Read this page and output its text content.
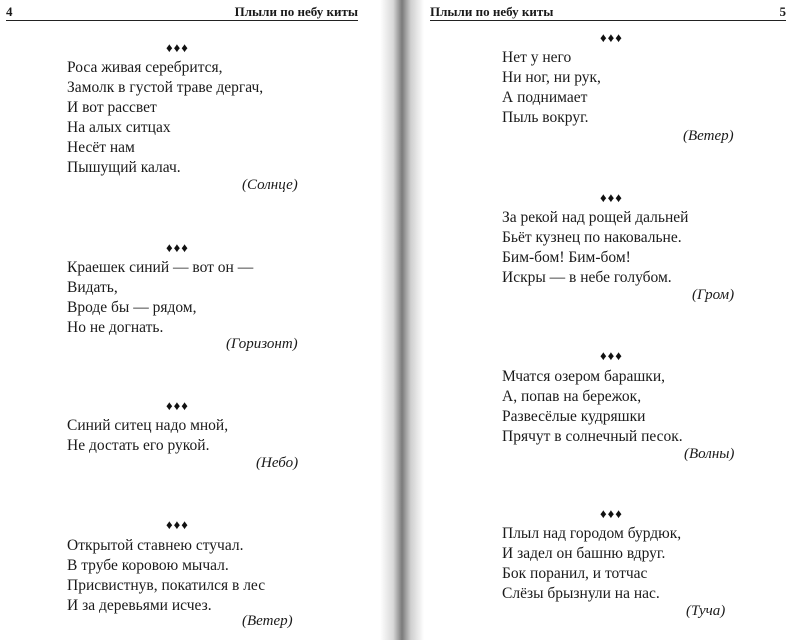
4	Плыли по небу киты	Плыли по небу киты	5
♦♦♦
Роса живая серебрится,
Замолк в густой траве дергач,
И вот рассвет
На алых ситцах
Несёт нам
Пышущий калач.
(Солнце)
♦♦♦
Краешек синий — вот он —
Видать,
Вроде бы — рядом,
Но не догнать.
(Горизонт)
♦♦♦
Синий ситец надо мной,
Не достать его рукой.
(Небо)
♦♦♦
Открытой ставнею стучал.
В трубе коровою мычал.
Присвистнув, покатился в лес
И за деревьями исчез.
(Ветер)
♦♦♦
Нет у него
Ни ног, ни рук,
А поднимает
Пыль вокруг.
(Ветер)
♦♦♦
За рекой над рощей дальней
Бьёт кузнец по наковальне.
Бим-бом! Бим-бом!
Искры — в небе голубом.
(Гром)
♦♦♦
Мчатся озером барашки,
А, попав на бережок,
Развесёлые кудряшки
Прячут в солнечный песок.
(Волны)
♦♦♦
Плыл над городом бурдюк,
И задел он башню вдруг.
Бок поранил, и тотчас
Слёзы брызнули на нас.
(Туча)
